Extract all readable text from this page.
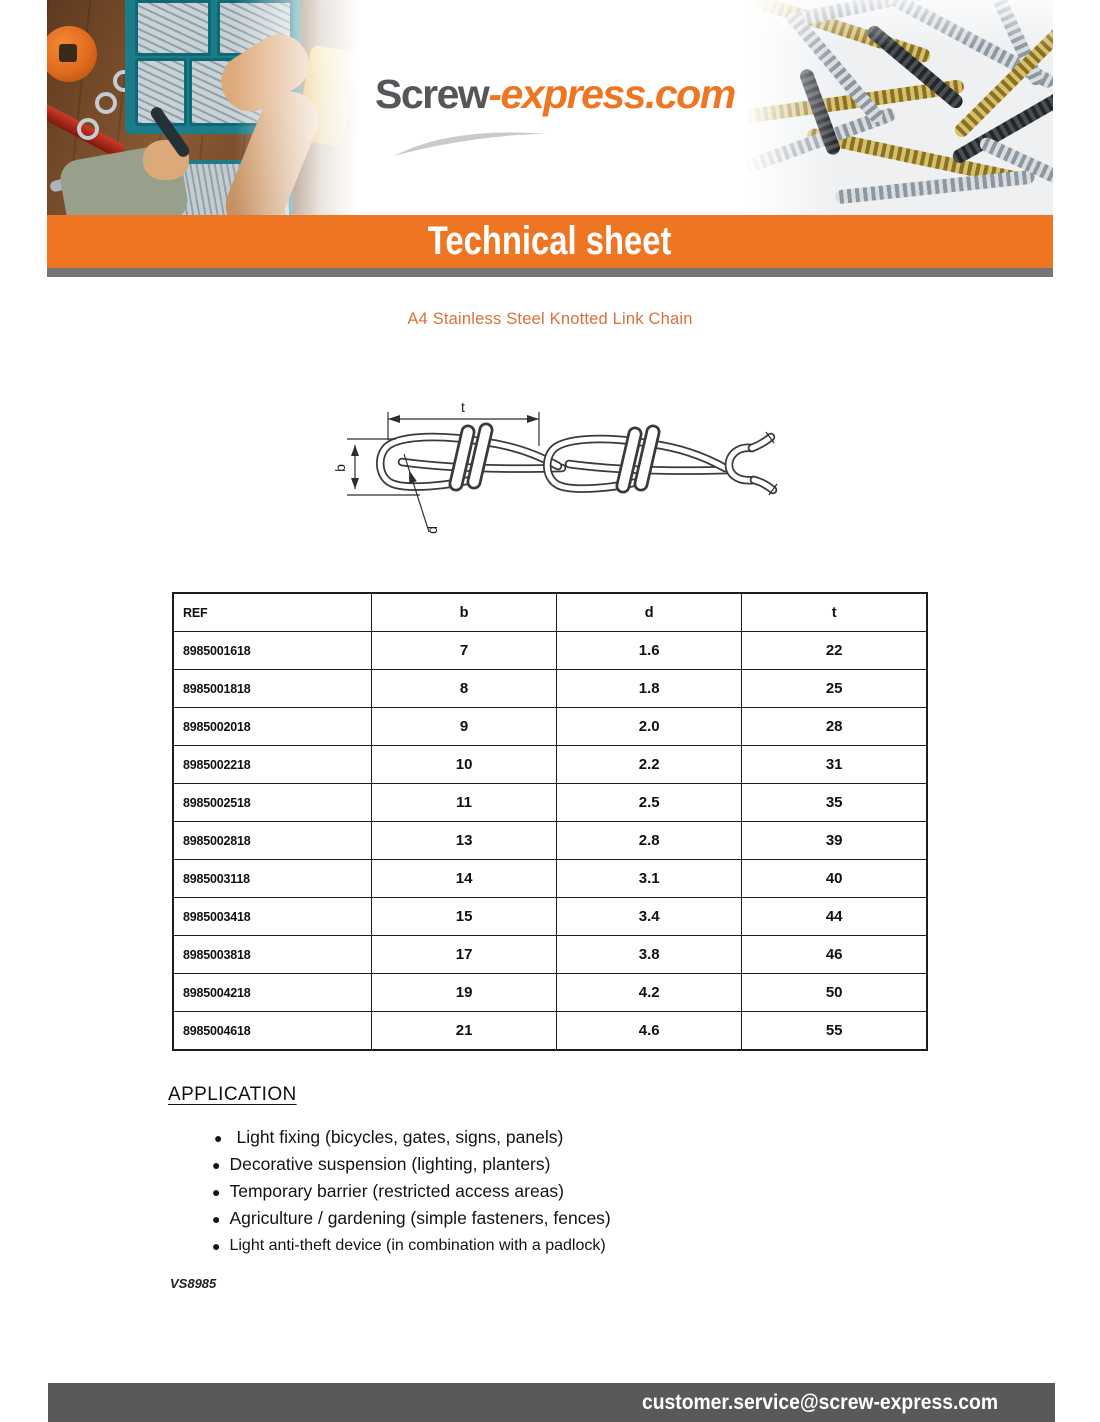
Screw-express.com
Technical sheet
A4 Stainless Steel Knotted Link Chain
t
b
d
REF	b	d	t
8985001618	7	1.6	22
8985001818	8	1.8	25
8985002018	9	2.0	28
8985002218	10	2.2	31
8985002518	11	2.5	35
8985002818	13	2.8	39
8985003118	14	3.1	40
8985003418	15	3.4	44
8985003818	17	3.8	46
8985004218	19	4.2	50
8985004618	21	4.6	55
APPLICATION
● Light fixing (bicycles, gates, signs, panels)
● Decorative suspension (lighting, planters)
● Temporary barrier (restricted access areas)
● Agriculture / gardening (simple fasteners, fences)
● Light anti-theft device (in combination with a padlock)
VS8985
customer.service@screw-express.com
